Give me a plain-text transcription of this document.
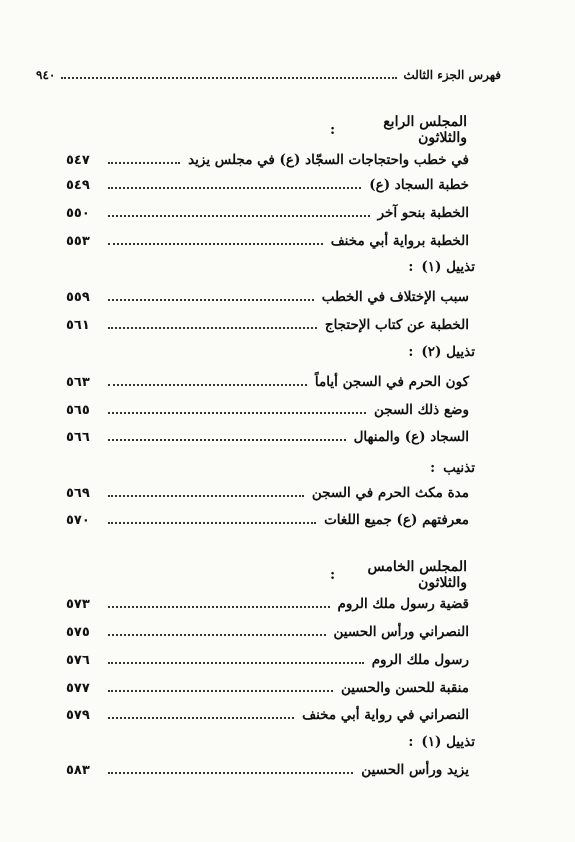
فهرس الجزء الثالث
٩٤٠
المجلس الرابع والثلاثون
:
في خطب واحتجاجات السجّاد (ع) في مجلس يزيد
٥٤٧
خطبة السجاد (ع)
٥٤٩
الخطبة بنحو آخر
٥٥٠
الخطبة برواية أبي مخنف
٥٥٣
تذييل (١)
:
سبب الإختلاف في الخطب
٥٥٩
الخطبة عن كتاب الإحتجاج
٥٦١
تذييل (٢)
:
كون الحرم في السجن أياماً
٥٦٣
وضع ذلك السجن
٥٦٥
السجاد (ع) والمنهال
٥٦٦
تذنيب
:
مدة مكث الحرم في السجن
٥٦٩
معرفتهم (ع) جميع اللغات
٥٧٠
المجلس الخامس والثلاثون
:
قضية رسول ملك الروم
٥٧٣
النصراني ورأس الحسين
٥٧٥
رسول ملك الروم
٥٧٦
منقبة للحسن والحسين
٥٧٧
النصراني في رواية أبي مخنف
٥٧٩
تذييل (١)
:
يزيد ورأس الحسين
٥٨٣
